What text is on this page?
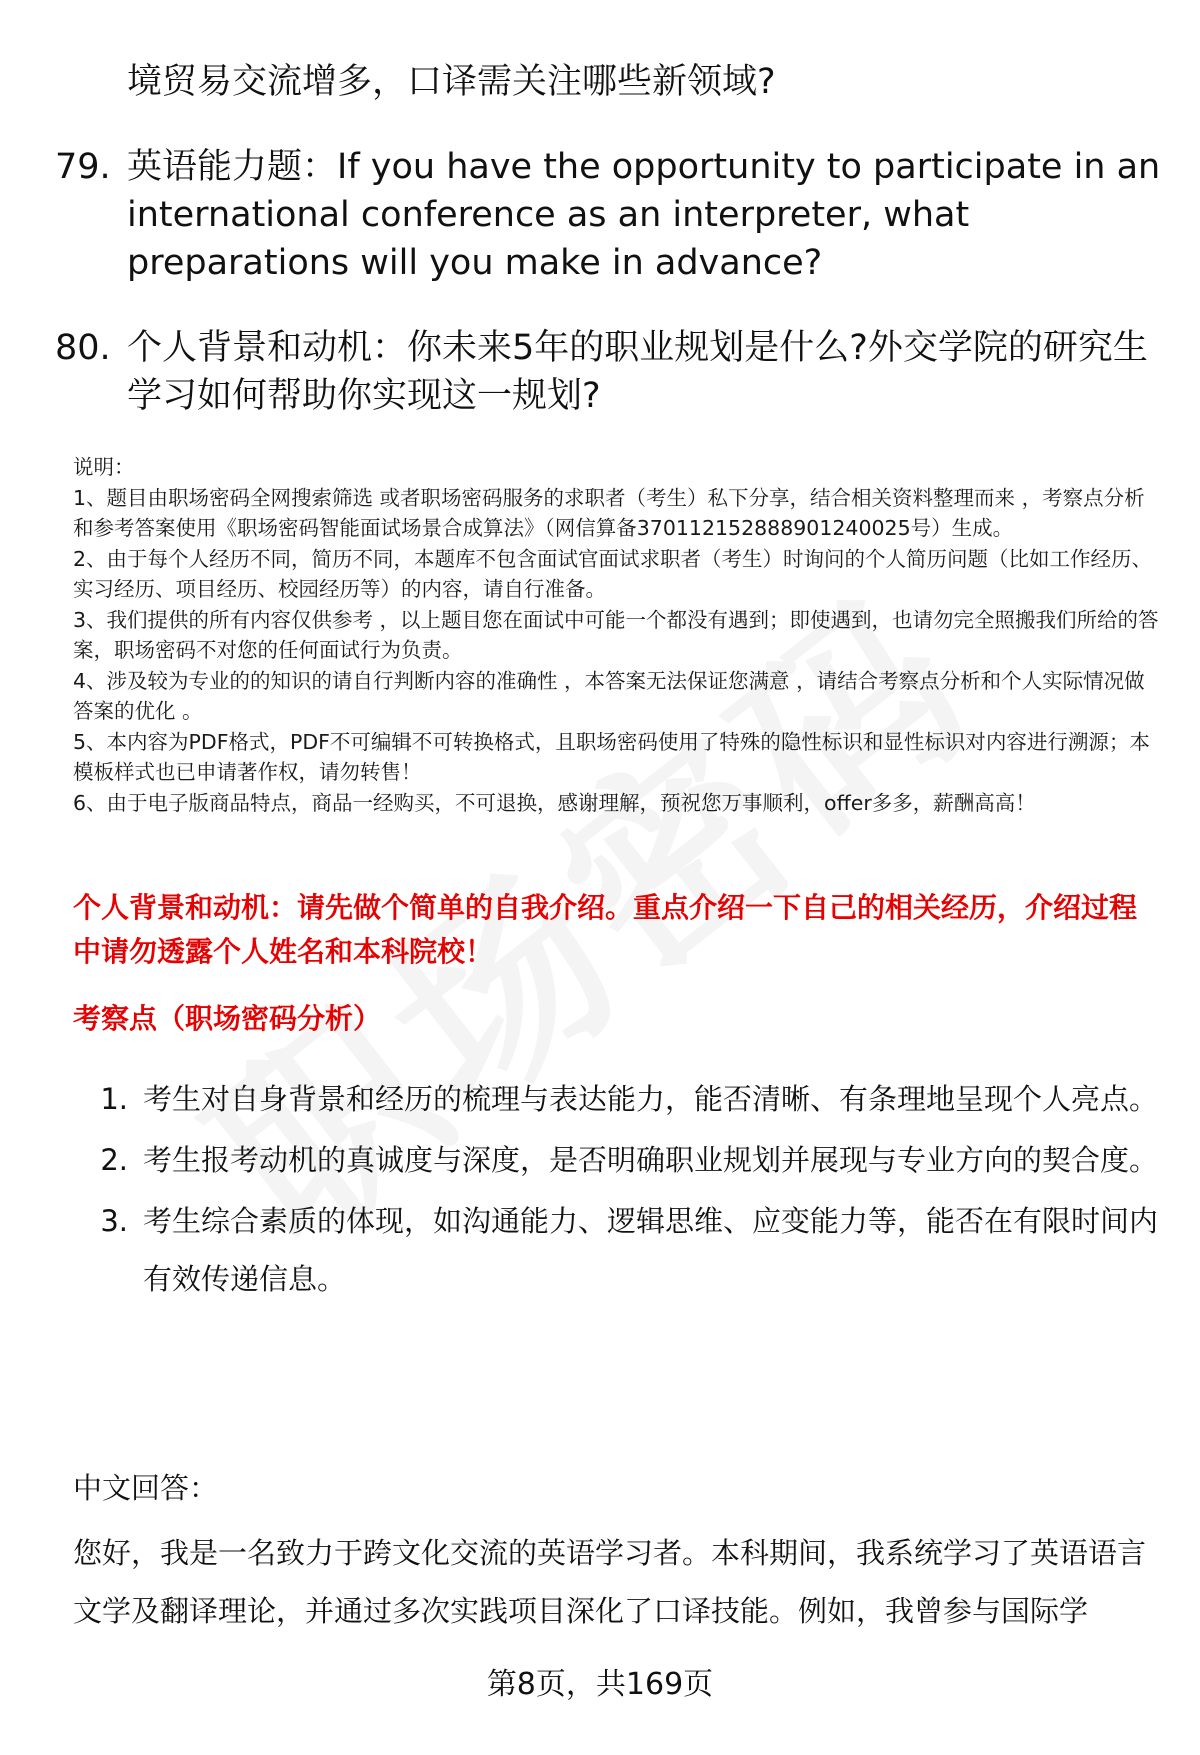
境贸易交流增多，口译需关注哪些新领域?
79. 英语能力题：If you have the opportunity to participate in an international conference as an interpreter, what preparations will you make in advance?
80. 个人背景和动机：你未来5年的职业规划是什么?外交学院的研究生学习如何帮助你实现这一规划?

说明：

1、题目由职场密码全网搜索筛选 或者职场密码服务的求职者（考生）私下分享，结合相关资料整理而来 ，考察点分析和参考答案使用《职场密码智能面试场景合成算法》（网信算备370112152888901240025号）生成。

2、由于每个人经历不同，简历不同，本题库不包含面试官面试求职者（考生）时询问的个人简历问题（比如工作经历、实习经历、项目经历、校园经历等）的内容，请自行准备。

3、我们提供的所有内容仅供参考 ，以上题目您在面试中可能一个都没有遇到；即使遇到，也请勿完全照搬我们所给的答案，职场密码不对您的任何面试行为负责。

4、涉及较为专业的的知识的请自行判断内容的准确性 ，本答案无法保证您满意 ，请结合考察点分析和个人实际情况做答案的优化 。

5、本内容为PDF格式，PDF不可编辑不可转换格式，且职场密码使用了特殊的隐性标识和显性标识对内容进行溯源；本模板样式也已申请著作权，请勿转售！

6、由于电子版商品特点，商品一经购买，不可退换，感谢理解，预祝您万事顺利，offer多多，薪酬高高！

个人背景和动机：请先做个简单的自我介绍。重点介绍一下自己的相关经历，介绍过程中请勿透露个人姓名和本科院校！
考察点（职场密码分析）
1. 考生对自身背景和经历的梳理与表达能力，能否清晰、有条理地呈现个人亮点。
2. 考生报考动机的真诚度与深度，是否明确职业规划并展现与专业方向的契合度。
3. 考生综合素质的体现，如沟通能力、逻辑思维、应变能力等，能否在有限时间内有效传递信息。
中文回答：
您好，我是一名致力于跨文化交流的英语学习者。本科期间，我系统学习了英语语言文学及翻译理论，并通过多次实践项目深化了口译技能。例如，我曾参与国际学
第8页，共169页
